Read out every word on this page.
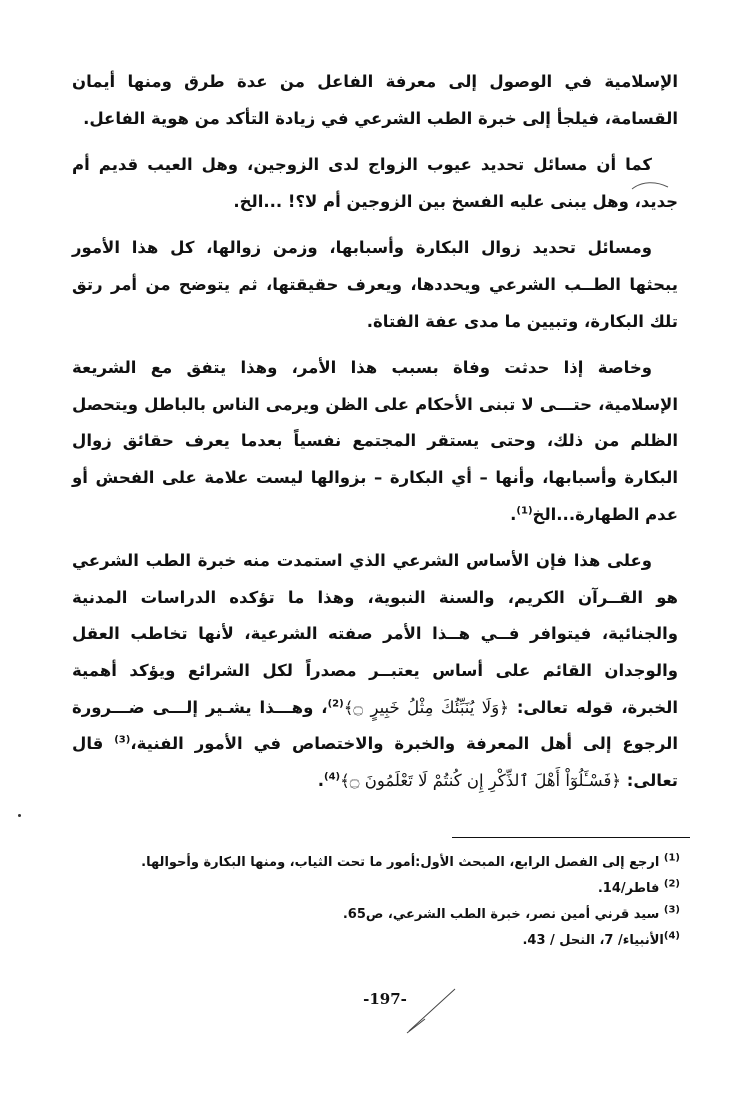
الإسلامية في الوصول إلى معرفة الفاعل من عدة طرق ومنها أيمان القسامة، فيلجأ إلى خبرة الطب الشرعي في زيادة التأكد من هوية الفاعل.

كما أن مسائل تحديد عيوب الزواج لدى الزوجين، وهل العيب قديم أم جديد، وهل يبنى عليه الفسخ بين الزوجين أم لا؟! ...الخ.

ومسائل تحديد زوال البكارة وأسبابها، وزمن زوالها، كل هذا الأمور يبحثها الطــب الشرعي ويحددها، ويعرف حقيقتها، ثم يتوضح من أمر رتق تلك البكارة، وتبيين ما مدى عفة الفتاة.

وخاصة إذا حدثت وفاة بسبب هذا الأمر، وهذا يتفق مع الشريعة الإسلامية، حتـــى لا تبنى الأحكام على الظن ويرمى الناس بالباطل ويتحصل الظلم من ذلك، وحتى يستقر المجتمع نفسياً بعدما يعرف حقائق زوال البكارة وأسبابها، وأنها – أي البكارة – بزوالها ليست علامة على الفحش أو عدم الطهارة...الخ$^{(1)}$.

وعلى هذا فإن الأساس الشرعي الذي استمدت منه خبرة الطب الشرعي هو القــرآن الكريم، والسنة النبوية، وهذا ما تؤكده الدراسات المدنية والجنائية، فيتوافر فــي هــذا الأمر صفته الشرعية، لأنها تخاطب العقل والوجدان القائم على أساس يعتبــر مصدراً لكل الشرائع ويؤكد أهمية الخبرة، قوله تعالى: ﴿وَلَا يُنَبِّئُكَ مِثْلُ خَبِيرٍ ۝﴾$^{(2)}$، وهـــذا يشـير إلـــى ضـــرورة الرجوع إلى أهل المعرفة والخبرة والاختصاص في الأمور الفنية،$^{(3)}$ قال تعالى: ﴿فَسْـَٔلُوٓاْ أَهْلَ ٱلذِّكْرِ إِن كُنتُمْ لَا تَعْلَمُونَ ۝﴾$^{(4)}$.

$^{(1)}$ ارجع إلى الفصل الرابع، المبحث الأول:أمور ما تحت الثياب، ومنها البكارة وأحوالها.

$^{(2)}$ فاطر/14.

$^{(3)}$ سيد قرني أمين نصر، خبرة الطب الشرعي، ص65.

$^{(4)}$الأنبياء/ 7، النحل / 43.

-197-
